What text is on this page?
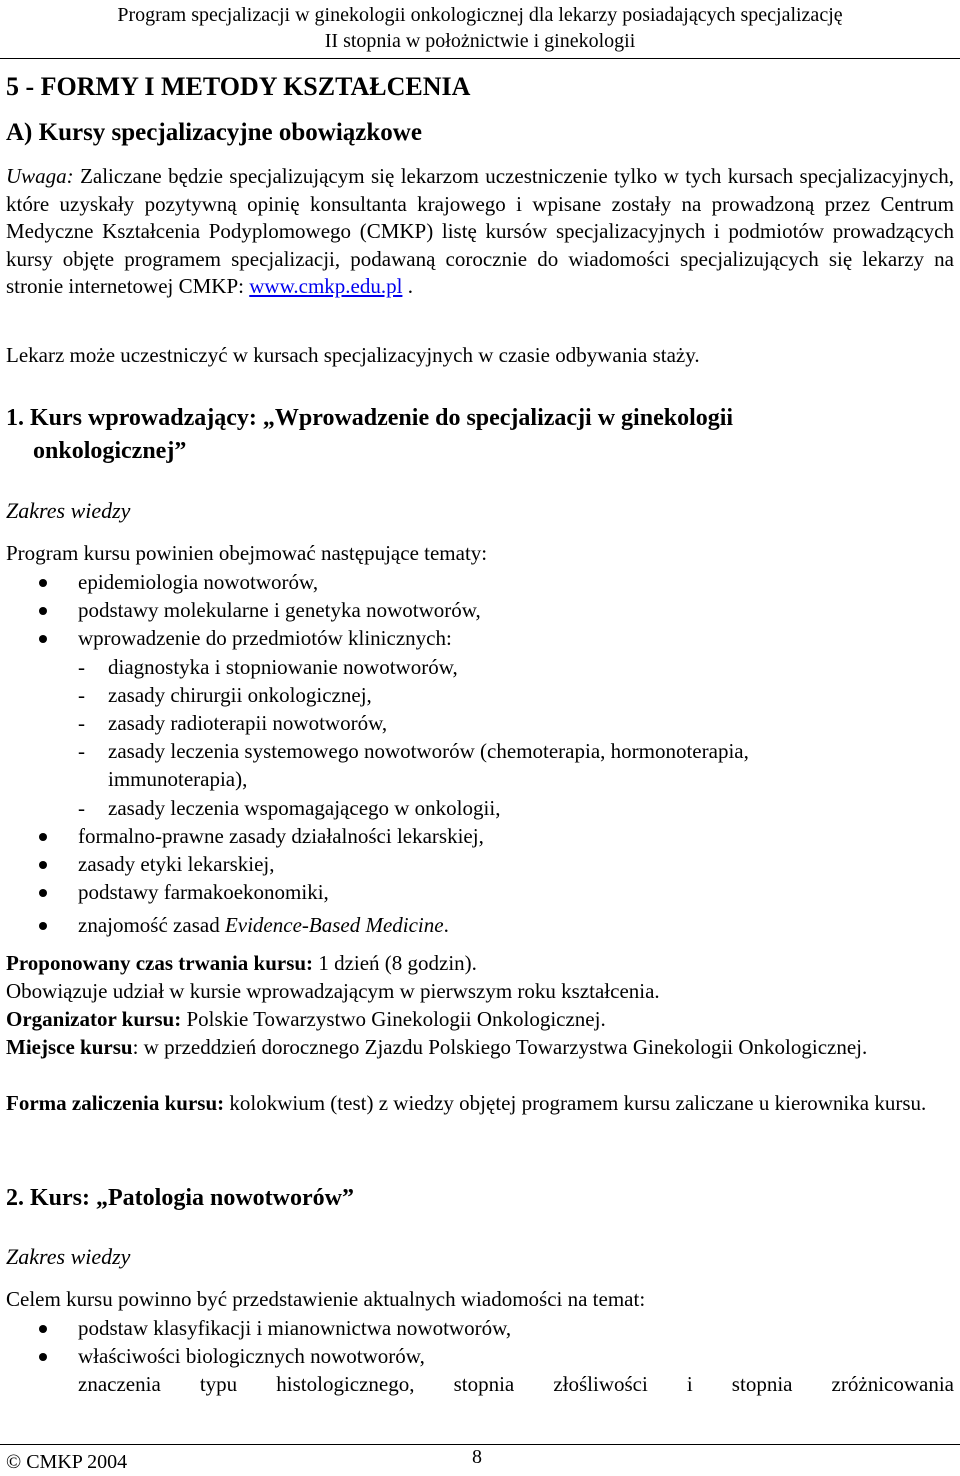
Program specjalizacji w ginekologii onkologicznej dla lekarzy posiadających specjalizację
II stopnia w położnictwie i ginekologii
5 - FORMY I METODY KSZTAŁCENIA
A) Kursy specjalizacyjne obowiązkowe

Uwaga: Zaliczane będzie specjalizującym się lekarzom uczestniczenie tylko w tych kursach specjalizacyjnych, które uzyskały pozytywną opinię konsultanta krajowego i wpisane zostały na prowadzoną przez Centrum Medyczne Kształcenia Podyplomowego (CMKP) listę kursów specjalizacyjnych i podmiotów prowadzących kursy objęte programem specjalizacji, podawaną corocznie do wiadomości specjalizujących się lekarzy na stronie internetowej CMKP: www.cmkp.edu.pl .

Lekarz może uczestniczyć w kursach specjalizacyjnych w czasie odbywania staży.

1. Kurs wprowadzający: „Wprowadzenie do specjalizacji w ginekologii
onkologicznej”
Zakres wiedzy

Program kursu powinien obejmować następujące tematy:

epidemiologia nowotworów,
podstawy molekularne i genetyka nowotworów,
wprowadzenie do przedmiotów klinicznych:
- diagnostyka i stopniowanie nowotworów,
- zasady chirurgii onkologicznej,
- zasady radioterapii nowotworów,
- zasady leczenia systemowego nowotworów (chemoterapia, hormonoterapia,
immunoterapia),
- zasady leczenia wspomagającego w onkologii,
formalno-prawne zasady działalności lekarskiej,
zasady etyki lekarskiej,
podstawy farmakoekonomiki,
znajomość zasad Evidence-Based Medicine.

Proponowany czas trwania kursu: 1 dzień (8 godzin).

Obowiązuje udział w kursie wprowadzającym w pierwszym roku kształcenia.

Organizator kursu: Polskie Towarzystwo Ginekologii Onkologicznej.

Miejsce kursu: w przeddzień dorocznego Zjazdu Polskiego Towarzystwa Ginekologii Onkologicznej.

Forma zaliczenia kursu: kolokwium (test) z wiedzy objętej programem kursu zaliczane u kierownika kursu.

2. Kurs: „Patologia nowotworów”
Zakres wiedzy

Celem kursu powinno być przedstawienie aktualnych wiadomości na temat:

podstaw klasyfikacji i mianownictwa nowotworów,
właściwości biologicznych nowotworów,
znaczenia typu histologicznego, stopnia złośliwości i stopnia zróżnicowania
© CMKP 2004	8
